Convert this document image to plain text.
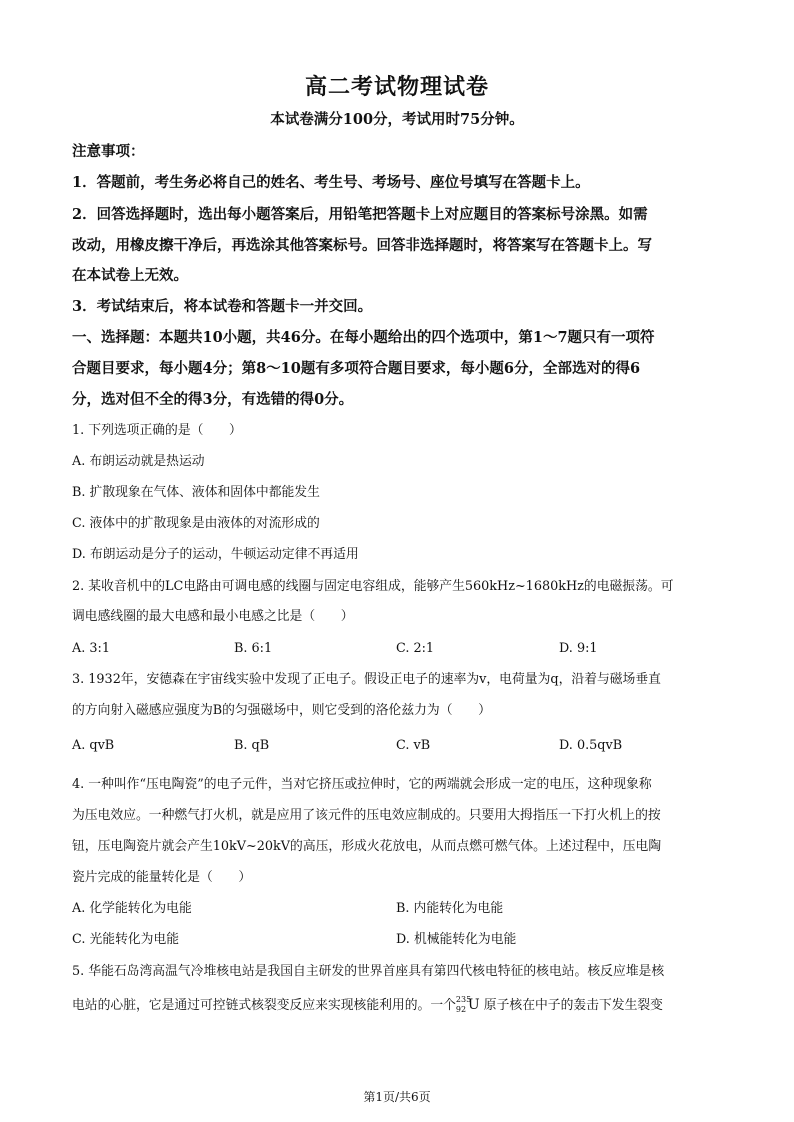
高二考试物理试卷
本试卷满分100分，考试用时75分钟。
注意事项：
1．答题前，考生务必将自己的姓名、考生号、考场号、座位号填写在答题卡上。
2．回答选择题时，选出每小题答案后，用铅笔把答题卡上对应题目的答案标号涂黑。如需
改动，用橡皮擦干净后，再选涂其他答案标号。回答非选择题时，将答案写在答题卡上。写
在本试卷上无效。
3．考试结束后，将本试卷和答题卡一并交回。
一、选择题：本题共10小题，共46分。在每小题给出的四个选项中，第1～7题只有一项符
合题目要求，每小题4分；第8～10题有多项符合题目要求，每小题6分，全部选对的得6
分，选对但不全的得3分，有选错的得0分。
1. 下列选项正确的是（　　）
A. 布朗运动就是热运动
B. 扩散现象在气体、液体和固体中都能发生
C. 液体中的扩散现象是由液体的对流形成的
D. 布朗运动是分子的运动，牛顿运动定律不再适用
2. 某收音机中的LC电路由可调电感的线圈与固定电容组成，能够产生560kHz~1680kHz的电磁振荡。可
调电感线圈的最大电感和最小电感之比是（　　）
A. 3:1	B. 6:1	C. 2:1	D. 9:1
3. 1932年，安德森在宇宙线实验中发现了正电子。假设正电子的速率为v，电荷量为q，沿着与磁场垂直
的方向射入磁感应强度为B的匀强磁场中，则它受到的洛伦兹力为（　　）
A. qvB	B. qB	C. vB	D. 0.5qvB
4. 一种叫作“压电陶瓷”的电子元件，当对它挤压或拉伸时，它的两端就会形成一定的电压，这种现象称
为压电效应。一种燃气打火机，就是应用了该元件的压电效应制成的。只要用大拇指压一下打火机上的按
钮，压电陶瓷片就会产生10kV~20kV的高压，形成火花放电，从而点燃可燃气体。上述过程中，压电陶
瓷片完成的能量转化是（　　）
A. 化学能转化为电能	B. 内能转化为电能
C. 光能转化为电能	D. 机械能转化为电能
5. 华能石岛湾高温气冷堆核电站是我国自主研发的世界首座具有第四代核电特征的核电站。核反应堆是核
电站的心脏，它是通过可控链式核裂变反应来实现核能利用的。一个 235
92 U 原子核在中子的轰击下发生裂变
第1页/共6页
